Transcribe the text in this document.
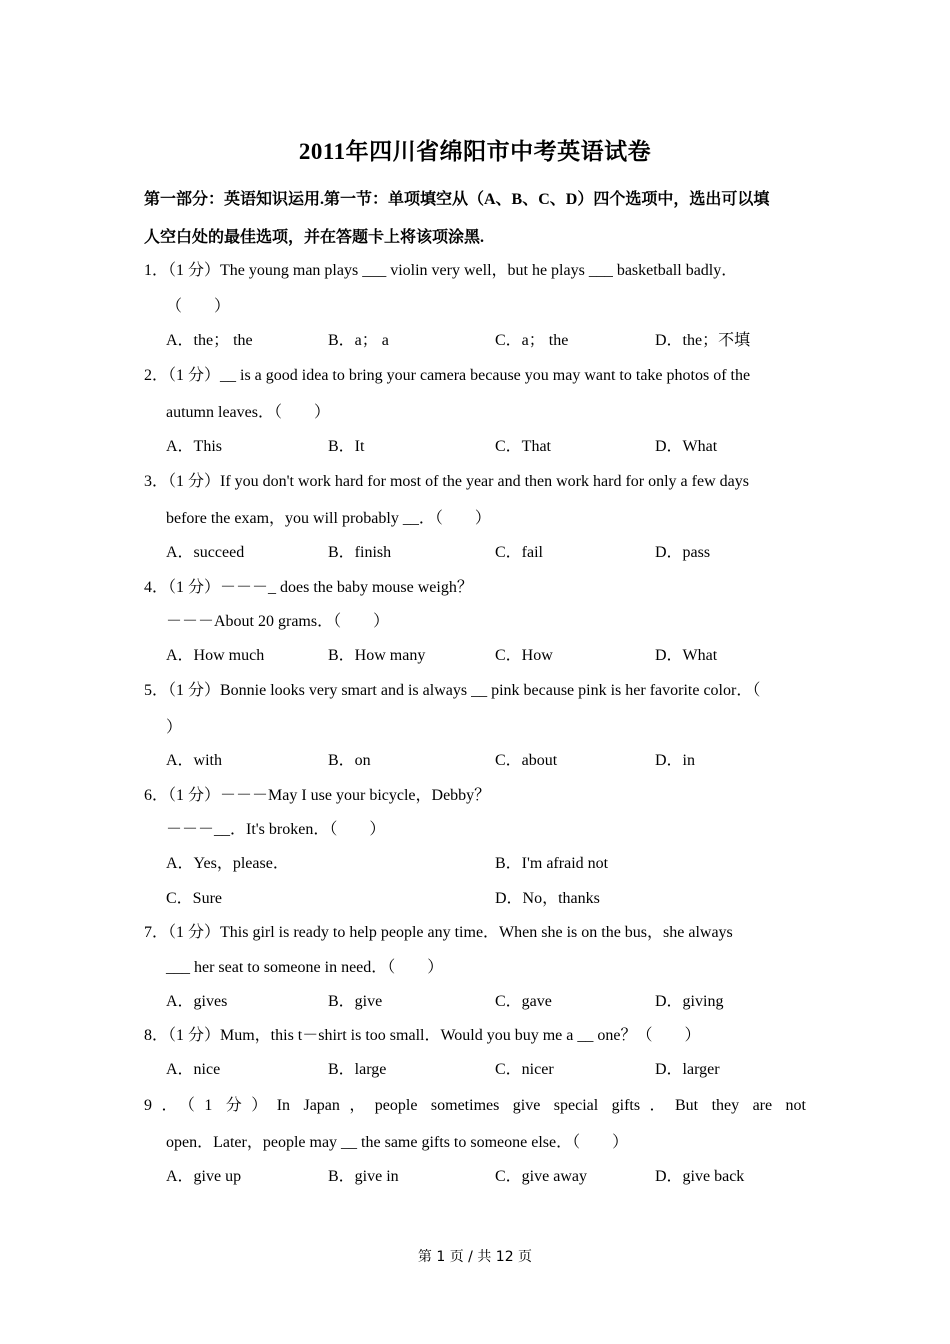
2011年四川省绵阳市中考英语试卷
第一部分：英语知识运用.第一节：单项填空从（A、B、C、D）四个选项中，选出可以填
人空白处的最佳选项，并在答题卡上将该项涂黑.
1．（1 分）The young man plays ___ violin very well，but he plays ___ basketball badly．
（　　）
A．the； the	B．a； a	C．a； the	D．the；不填
2．（1 分）__ is a good idea to bring your camera because you may want to take photos of the
autumn leaves．（　　）
A．This	B．It	C．That	D．What
3．（1 分）If you don't work hard for most of the year and then work hard for only a few days
before the exam，you will probably __．（　　）
A．succeed	B．finish	C．fail	D．pass
4．（1 分）－－－_ does the baby mouse weigh？
－－－About 20 grams．（　　）
A．How much	B．How many	C．How	D．What
5．（1 分）Bonnie looks very smart and is always __ pink because pink is her favorite color．（
）
A．with	B．on	C．about	D．in
6．（1 分）－－－May I use your bicycle，Debby？
－－－__．It's broken．（　　）
A．Yes，please．	B．I'm afraid not
C．Sure	D．No，thanks
7．（1 分）This girl is ready to help people any time．When she is on the bus，she always
___ her seat to someone in need．（　　）
A．gives	B．give	C．gave	D．giving
8．（1 分）Mum，this t－shirt is too small．Would you buy me a __ one？（　　）
A．nice	B．large	C．nicer	D．larger
9．（1 分）In Japan，people sometimes give special gifts．But they are not
open．Later，people may __ the same gifts to someone else．（　　）
A．give up	B．give in	C．give away	D．give back
第 1 页 / 共 12 页
